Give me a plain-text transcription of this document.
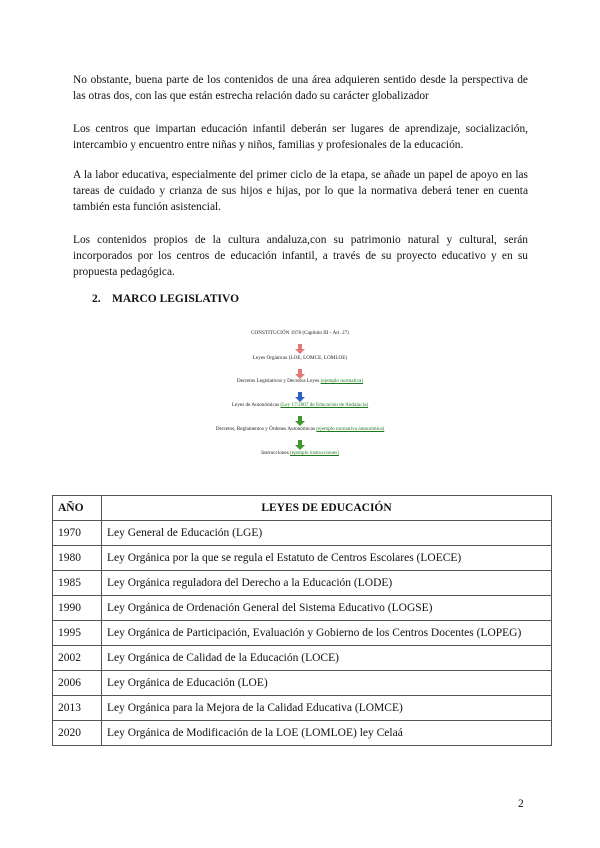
No obstante, buena parte de los contenidos de una área adquieren sentido desde la perspectiva de las otras dos, con las que están estrecha relación dado su carácter globalizador

Los centros que impartan educación infantil deberán ser lugares de aprendizaje, socialización, intercambio y encuentro entre niñas y niños, familias y profesionales de la educación.

A la labor educativa, especialmente del primer ciclo de la etapa, se añade un papel de apoyo en las tareas de cuidado y crianza de sus hijos e hijas, por lo que la normativa deberá tener en cuenta también esta función asistencial.

Los contenidos propios de la cultura andaluza,con su patrimonio natural y cultural, serán incorporados por los centros de educación infantil, a través de su proyecto educativo y en su propuesta pedagógica.

2. MARCO LEGISLATIVO
CONSTITUCIÓN 1978 (Capítulo III - Art. 27)
Leyes Orgánicas (LOE, LOMCE, LOMLOE)
Decretos Legislativos y Decretos Leyes (ejemplo normativa)
Leyes de Autonómicas (Ley 17/2007 de Educación de Andalucía)
Decretos, Reglamentos y Órdenes Autonómicas (ejemplo normativa autonómica)
Instrucciones (ejemplo instrucciones)
AÑO	LEYES DE EDUCACIÓN
1970	Ley General de Educación (LGE)
1980	Ley Orgánica por la que se regula el Estatuto de Centros Escolares (LOECE)
1985	Ley Orgánica reguladora del Derecho a la Educación (LODE)
1990	Ley Orgánica de Ordenación General del Sistema Educativo (LOGSE)
1995	Ley Orgánica de Participación, Evaluación y Gobierno de los Centros Docentes (LOPEG)
2002	Ley Orgánica de Calidad de la Educación (LOCE)
2006	Ley Orgánica de Educación (LOE)
2013	Ley Orgánica para la Mejora de la Calidad Educativa (LOMCE)
2020	Ley Orgánica de Modificación de la LOE (LOMLOE) ley Celaá
2
